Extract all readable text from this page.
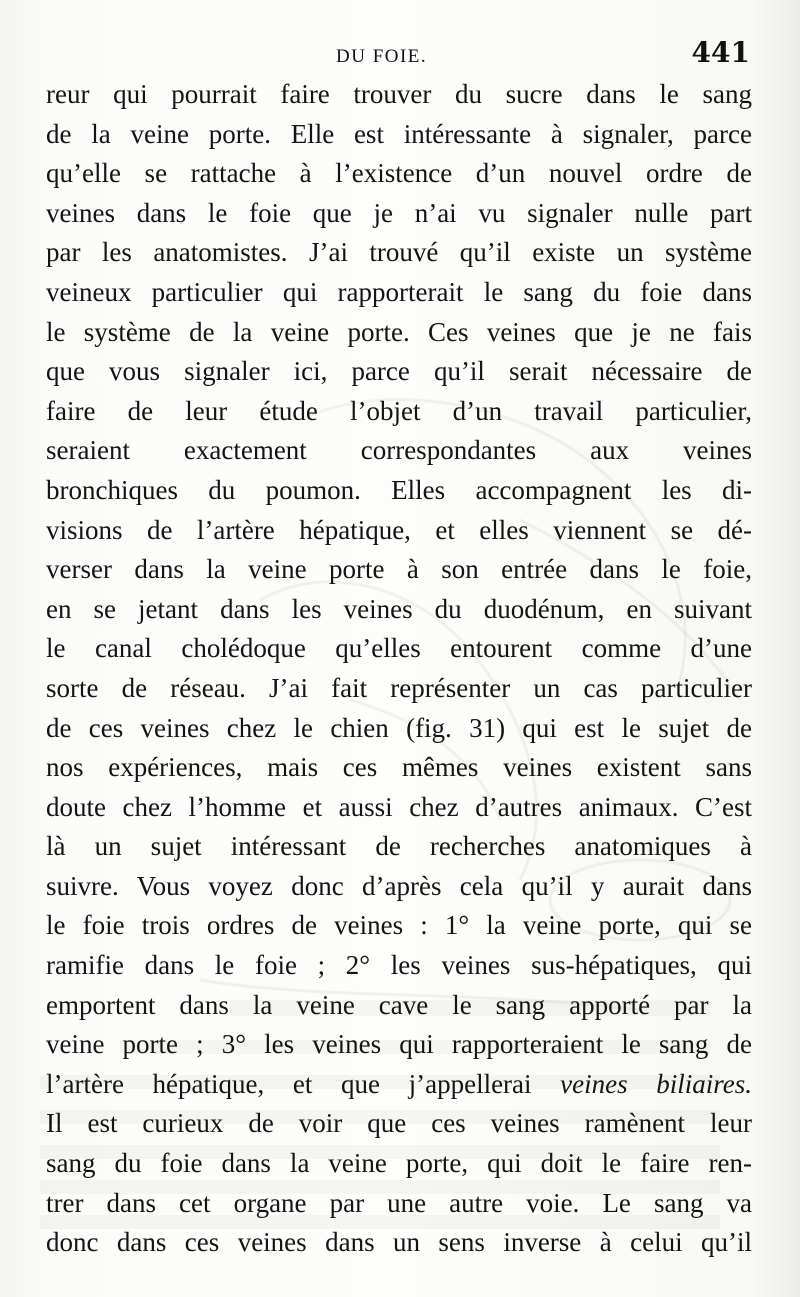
DU FOIE.	441
reur qui pourrait faire trouver du sucre dans le sang
de la veine porte. Elle est intéressante à signaler, parce
qu’elle se rattache à l’existence d’un nouvel ordre de
veines dans le foie que je n’ai vu signaler nulle part
par les anatomistes. J’ai trouvé qu’il existe un système
veineux particulier qui rapporterait le sang du foie dans
le système de la veine porte. Ces veines que je ne fais
que vous signaler ici, parce qu’il serait nécessaire de
faire de leur étude l’objet d’un travail particulier,
seraient exactement correspondantes aux veines
bronchiques du poumon. Elles accompagnent les di-
visions de l’artère hépatique, et elles viennent se dé-
verser dans la veine porte à son entrée dans le foie,
en se jetant dans les veines du duodénum, en suivant
le canal cholédoque qu’elles entourent comme d’une
sorte de réseau. J’ai fait représenter un cas particulier
de ces veines chez le chien (fig. 31) qui est le sujet de
nos expériences, mais ces mêmes veines existent sans
doute chez l’homme et aussi chez d’autres animaux. C’est
là un sujet intéressant de recherches anatomiques à
suivre. Vous voyez donc d’après cela qu’il y aurait dans
le foie trois ordres de veines : 1° la veine porte, qui se
ramifie dans le foie ; 2° les veines sus-hépatiques, qui
emportent dans la veine cave le sang apporté par la
veine porte ; 3° les veines qui rapporteraient le sang de
l’artère hépatique, et que j’appellerai veines biliaires.
Il est curieux de voir que ces veines ramènent leur
sang du foie dans la veine porte, qui doit le faire ren-
trer dans cet organe par une autre voie. Le sang va
donc dans ces veines dans un sens inverse à celui qu’il
